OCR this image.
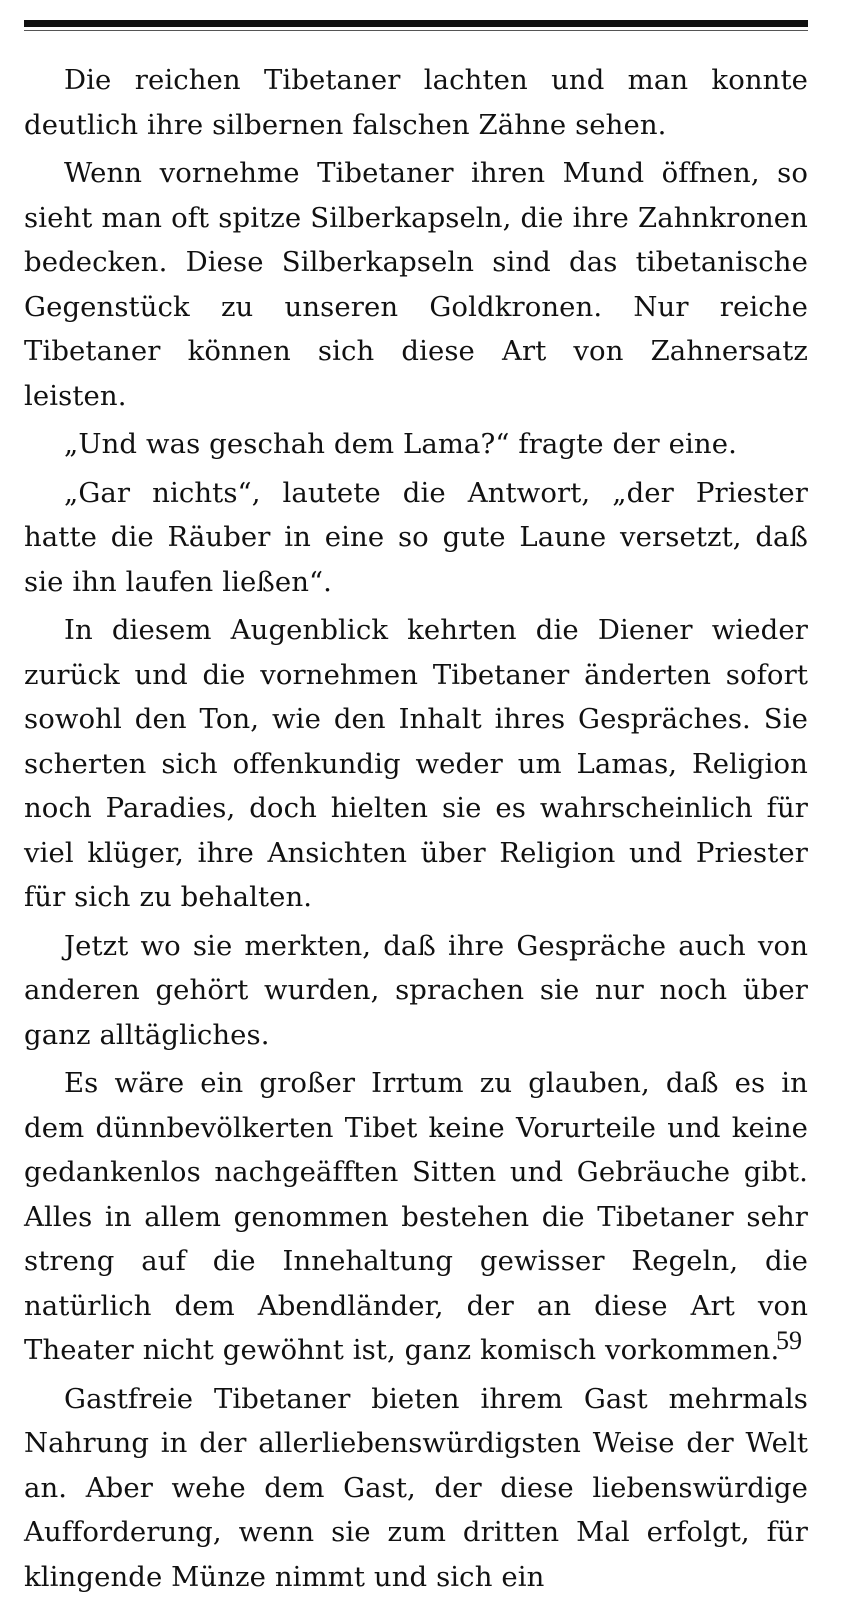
Die reichen Tibetaner lachten und man konnte deutlich ihre silbernen falschen Zähne sehen.

Wenn vornehme Tibetaner ihren Mund öffnen, so sieht man oft spitze Silberkapseln, die ihre Zahnkronen bedecken. Diese Silberkapseln sind das tibetanische Gegenstück zu unseren Goldkronen. Nur reiche Tibetaner können sich diese Art von Zahnersatz leisten.

„Und was geschah dem Lama?“ fragte der eine.

„Gar nichts“, lautete die Antwort, „der Priester hatte die Räuber in eine so gute Laune versetzt, daß sie ihn laufen ließen“.

In diesem Augenblick kehrten die Diener wieder zurück und die vornehmen Tibetaner änderten sofort sowohl den Ton, wie den Inhalt ihres Gespräches. Sie scherten sich offenkundig weder um Lamas, Religion noch Paradies, doch hielten sie es wahrscheinlich für viel klüger, ihre Ansichten über Religion und Priester für sich zu behalten.

Jetzt wo sie merkten, daß ihre Gespräche auch von anderen gehört wurden, sprachen sie nur noch über ganz alltägliches.

Es wäre ein großer Irrtum zu glauben, daß es in dem dünnbevölkerten Tibet keine Vorurteile und keine gedankenlos nachgeäfften Sitten und Gebräuche gibt. Alles in allem genommen bestehen die Tibetaner sehr streng auf die Innehaltung gewisser Regeln, die natürlich dem Abendländer, der an diese Art von Theater nicht gewöhnt ist, ganz komisch vorkommen.

Gastfreie Tibetaner bieten ihrem Gast mehrmals Nahrung in der allerliebenswürdigsten Weise der Welt an. Aber wehe dem Gast, der diese liebenswürdige Aufforderung, wenn sie zum dritten Mal erfolgt, für klingende Münze nimmt und sich ein

59
